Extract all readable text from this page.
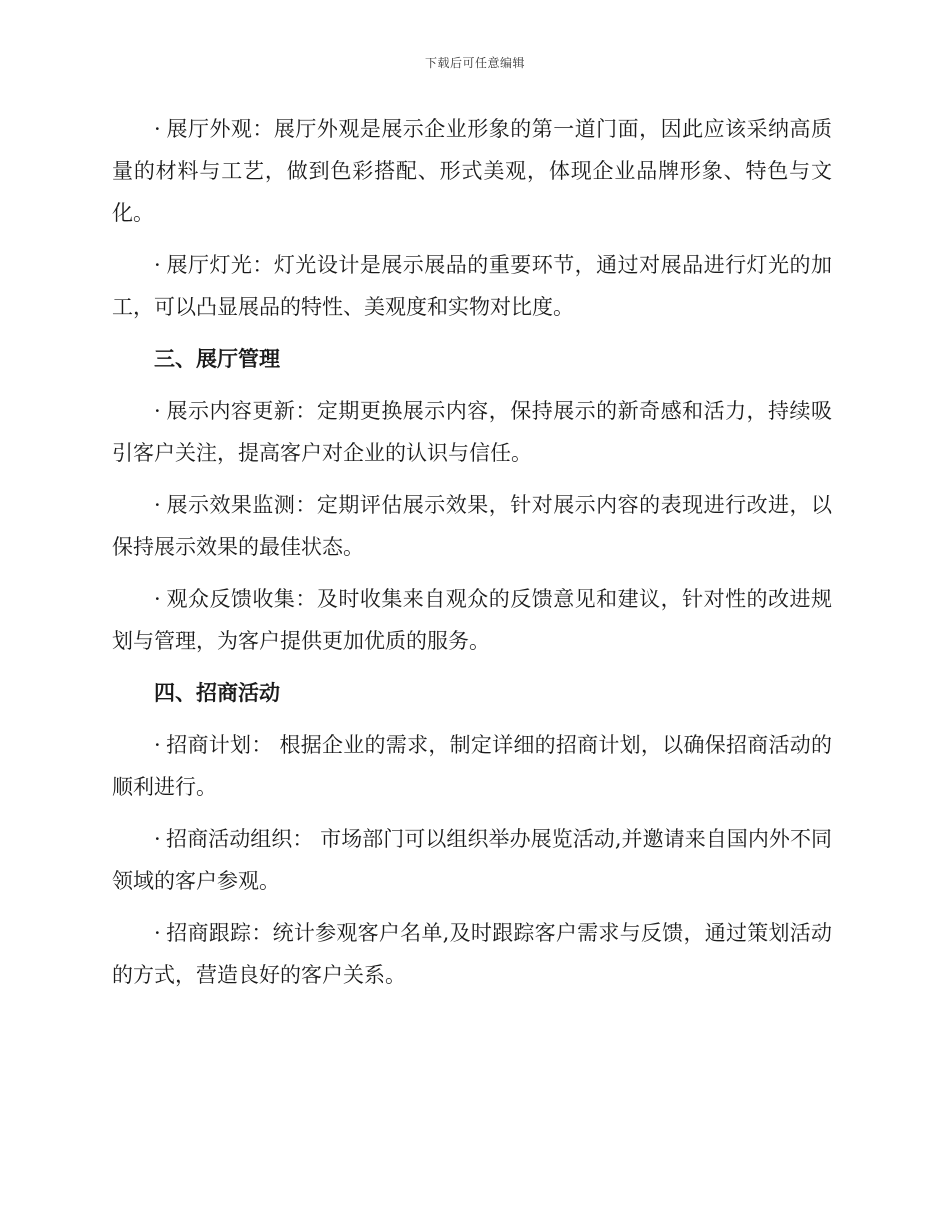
下载后可任意编辑

· 展厅外观：展厅外观是展示企业形象的第一道门面，因此应该采纳高质量的材料与工艺，做到色彩搭配、形式美观，体现企业品牌形象、特色与文化。

· 展厅灯光：灯光设计是展示展品的重要环节，通过对展品进行灯光的加工，可以凸显展品的特性、美观度和实物对比度。

三、展厅管理

· 展示内容更新：定期更换展示内容，保持展示的新奇感和活力，持续吸引客户关注，提高客户对企业的认识与信任。

· 展示效果监测：定期评估展示效果，针对展示内容的表现进行改进，以保持展示效果的最佳状态。

· 观众反馈收集：及时收集来自观众的反馈意见和建议，针对性的改进规划与管理，为客户提供更加优质的服务。

四、招商活动

· 招商计划： 根据企业的需求，制定详细的招商计划，以确保招商活动的顺利进行。

· 招商活动组织： 市场部门可以组织举办展览活动,并邀请来自国内外不同领域的客户参观。

· 招商跟踪：统计参观客户名单,及时跟踪客户需求与反馈，通过策划活动的方式，营造良好的客户关系。
